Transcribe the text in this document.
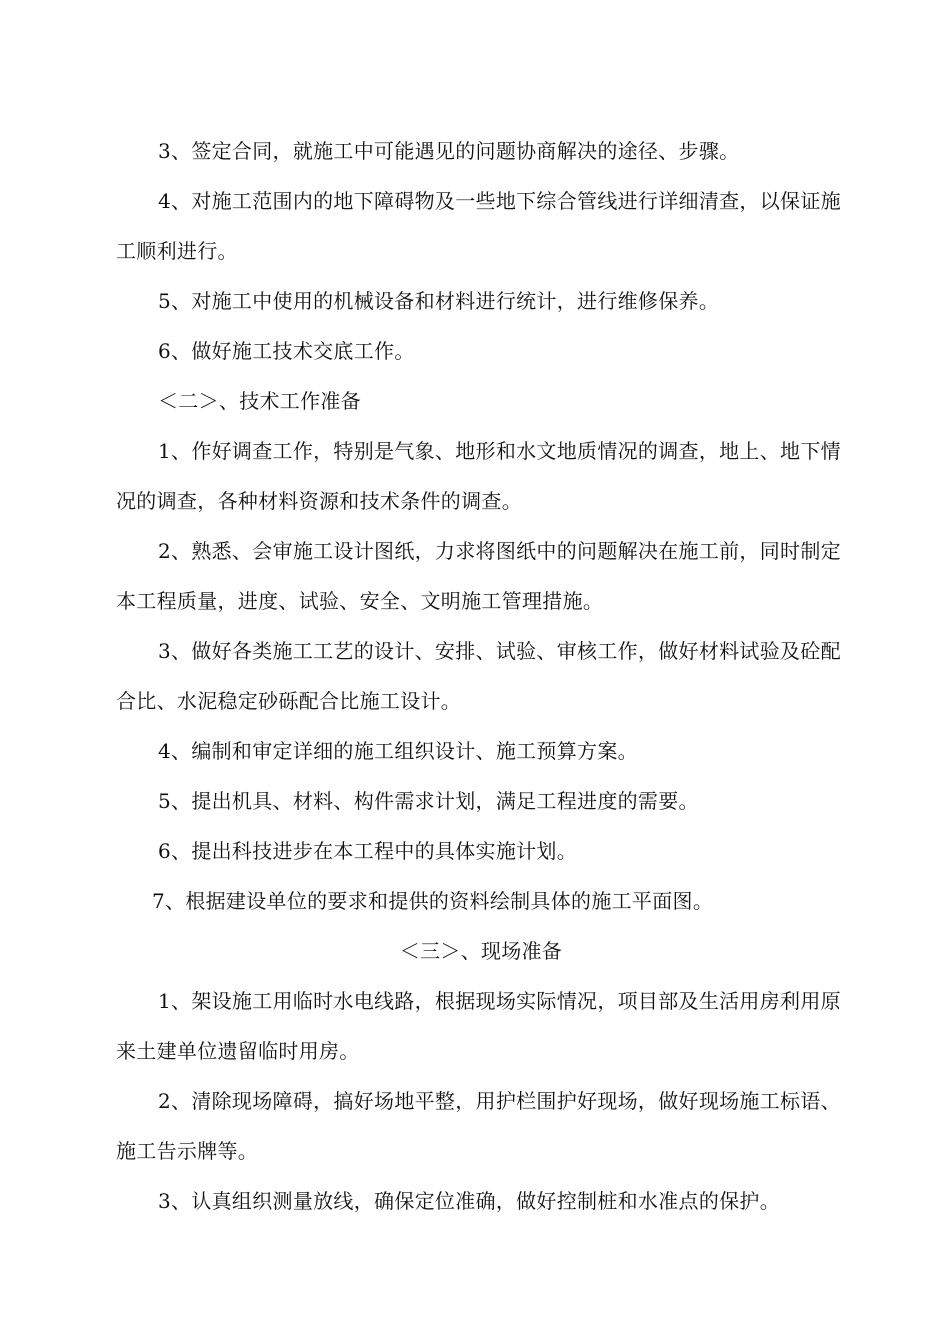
3、签定合同，就施工中可能遇见的问题协商解决的途径、步骤。

4、对施工范围内的地下障碍物及一些地下综合管线进行详细清查，以保证施工顺利进行。

5、对施工中使用的机械设备和材料进行统计，进行维修保养。

6、做好施工技术交底工作。

＜二＞、技术工作准备

1、作好调查工作，特别是气象、地形和水文地质情况的调查，地上、地下情况的调查，各种材料资源和技术条件的调查。

2、熟悉、会审施工设计图纸，力求将图纸中的问题解决在施工前，同时制定本工程质量，进度、试验、安全、文明施工管理措施。

3、做好各类施工工艺的设计、安排、试验、审核工作，做好材料试验及砼配合比、水泥稳定砂砾配合比施工设计。

4、编制和审定详细的施工组织设计、施工预算方案。

5、提出机具、材料、构件需求计划，满足工程进度的需要。

6、提出科技进步在本工程中的具体实施计划。

7、根据建设单位的要求和提供的资料绘制具体的施工平面图。

＜三＞、现场准备

1、架设施工用临时水电线路，根据现场实际情况，项目部及生活用房利用原来土建单位遗留临时用房。

2、清除现场障碍，搞好场地平整，用护栏围护好现场，做好现场施工标语、施工告示牌等。

3、认真组织测量放线，确保定位准确，做好控制桩和水准点的保护。
